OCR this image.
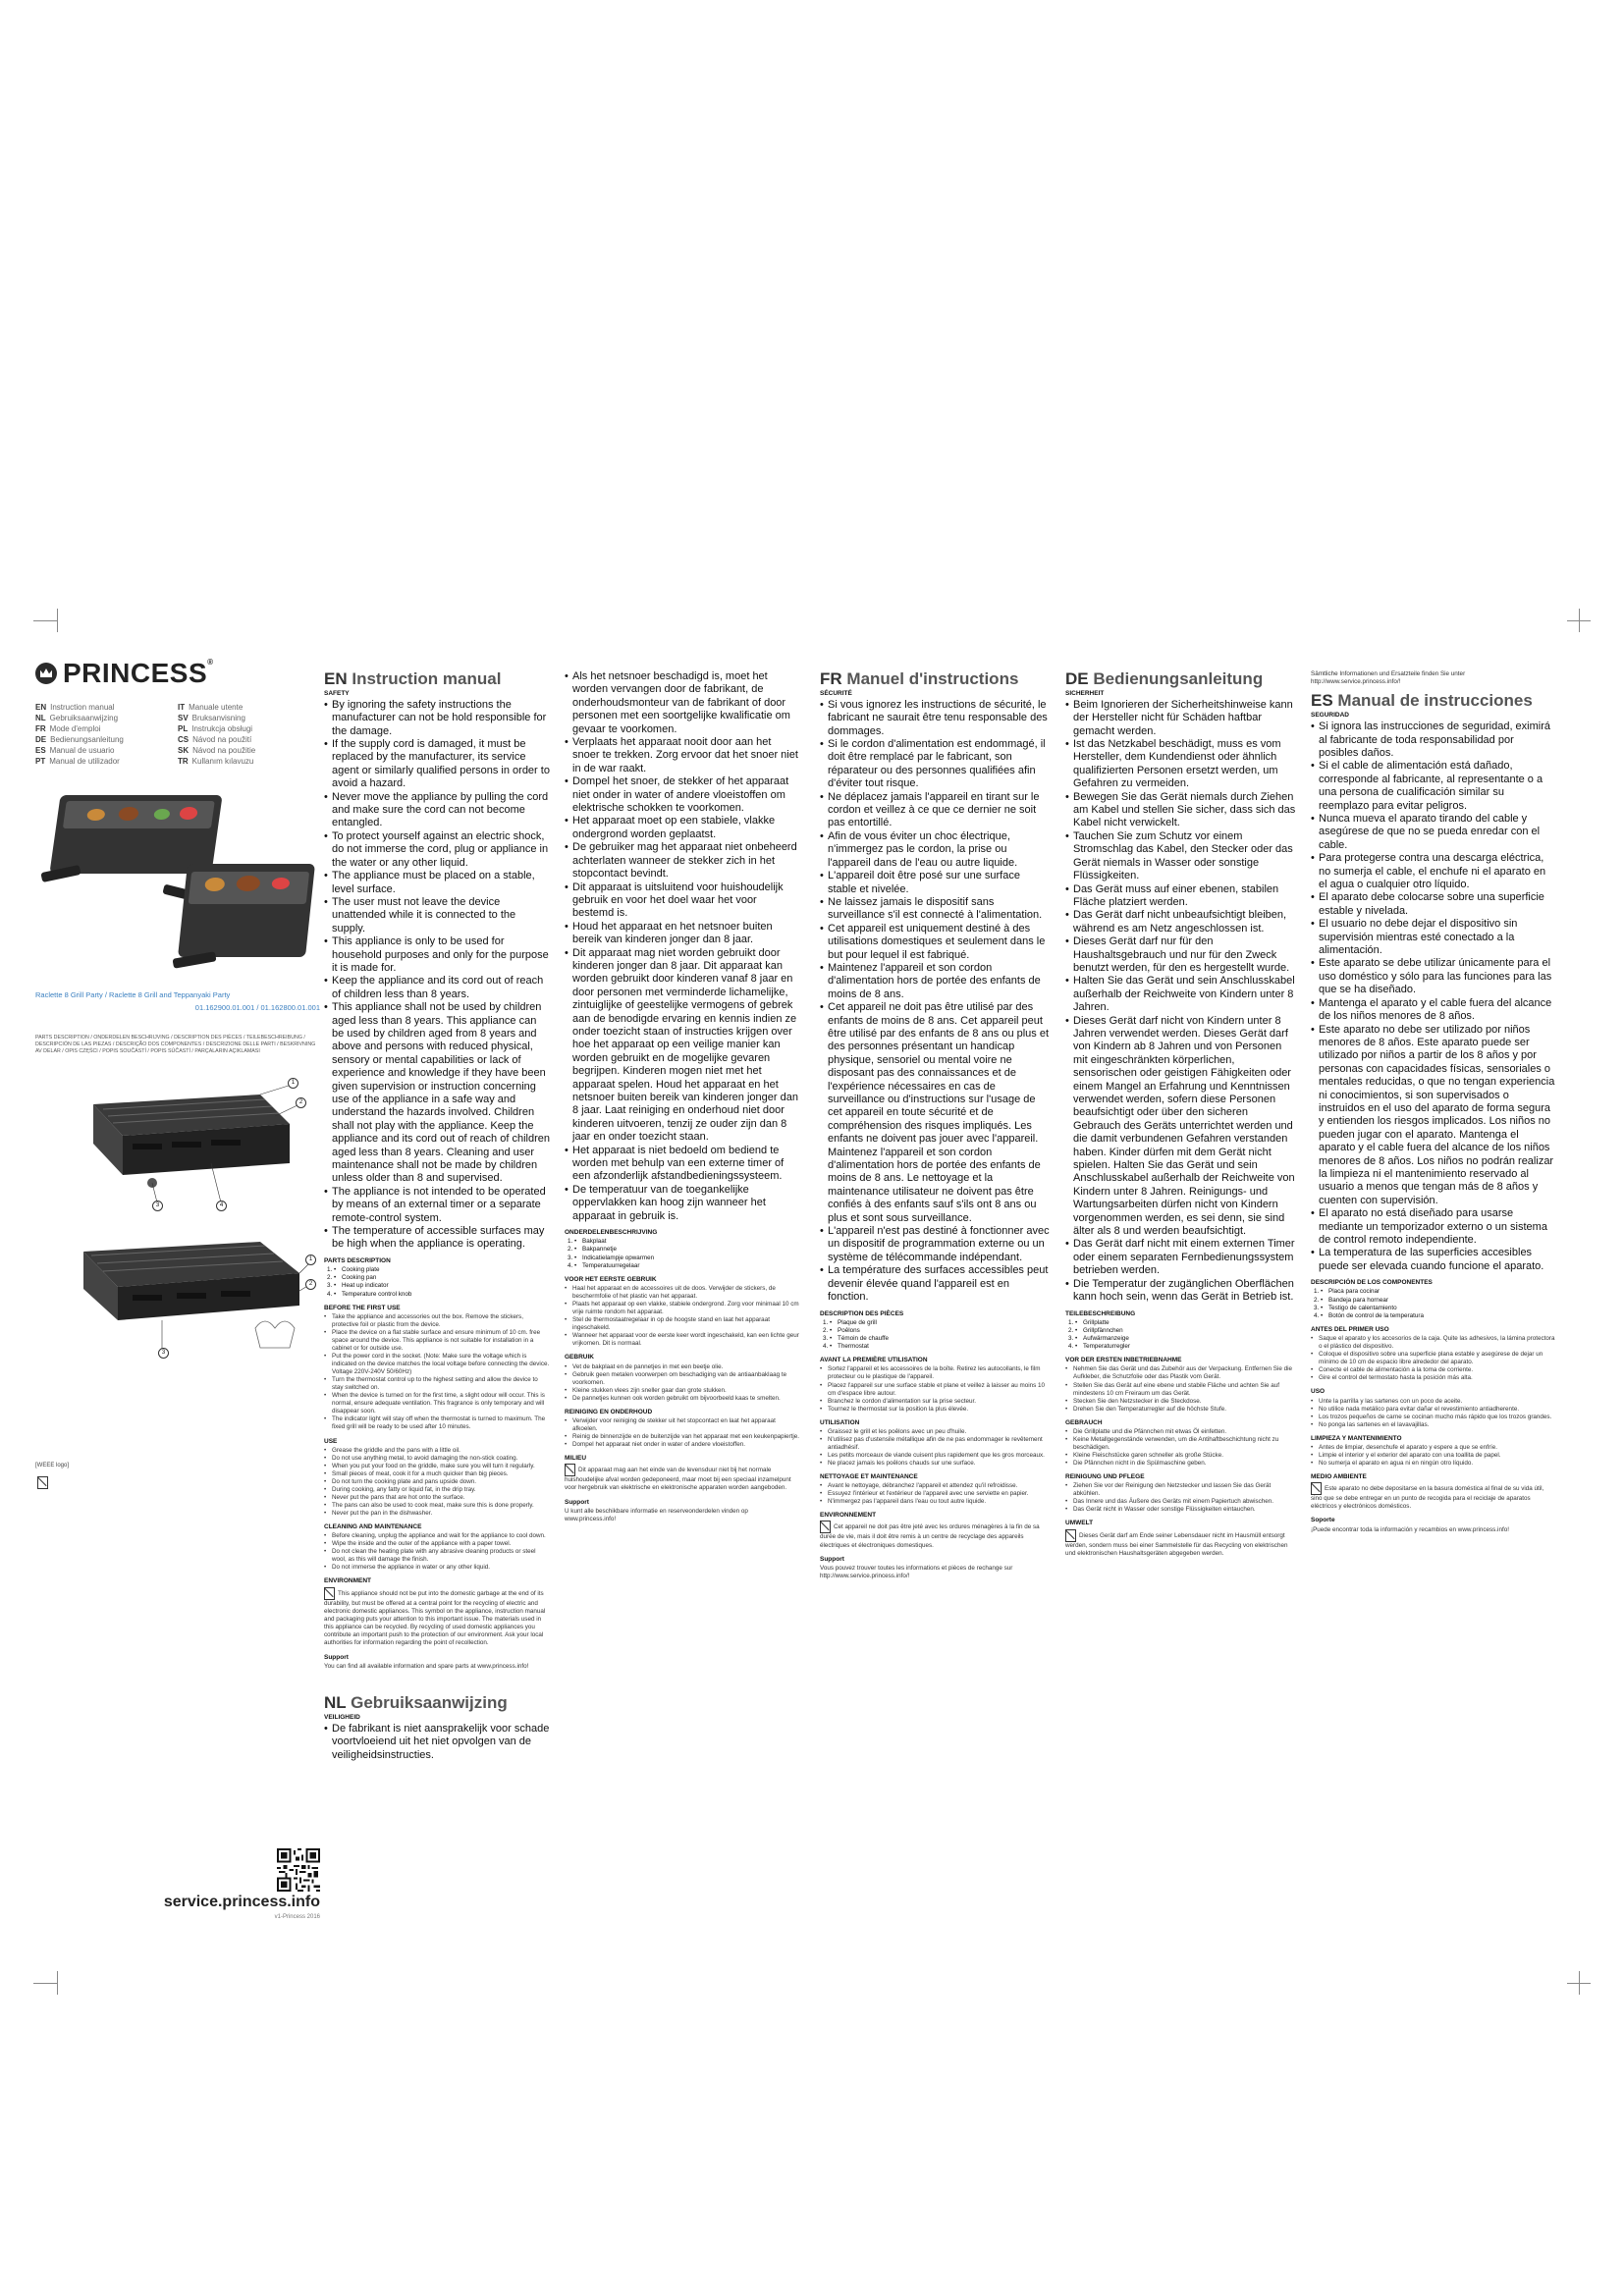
PRINCESS®
EN Instruction manual	IT Manuale utente
NL Gebruiksaanwijzing	SV Bruksanvisning
FR Mode d'emploi	PL Instrukcja obsługi
DE Bedienungsanleitung	CS Návod na použití
ES Manual de usuario	SK Návod na použitie
PT Manual de utilizador	TR Kullanım kılavuzu
Raclette 8 Grill Party / Raclette 8 Grill and Teppanyaki Party
01.162900.01.001 / 01.162800.01.001
PARTS DESCRIPTION / ONDERDELEN BESCHRIJVING / DESCRIPTION DES PIÈCES / TEILEBESCHREIBUNG / DESCRIPCIÓN DE LAS PIEZAS / DESCRIÇÃO DOS COMPONENTES / DESCRIZIONE DELLE PARTI / BESKRIVNING AV DELAR / OPIS CZĘŚCI / POPIS SOUČÁSTÍ / POPIS SÚČASTÍ / PARÇALARIN AÇIKLAMASI
1
2
3	4
1
2
3
[WEEE logo]
service.princess.info
v1-Princess 2016
EN Instruction manual
SAFETY
• By ignoring the safety instructions the manufacturer can not be hold responsible for the damage.
• If the supply cord is damaged, it must be replaced by the manufacturer, its service agent or similarly qualified persons in order to avoid a hazard.
• Never move the appliance by pulling the cord and make sure the cord can not become entangled.
• To protect yourself against an electric shock, do not immerse the cord, plug or appliance in the water or any other liquid.
• The appliance must be placed on a stable, level surface.
• The user must not leave the device unattended while it is connected to the supply.
• This appliance is only to be used for household purposes and only for the purpose it is made for.
• Keep the appliance and its cord out of reach of children less than 8 years.
• This appliance shall not be used by children aged less than 8 years. This appliance can be used by children aged from 8 years and above and persons with reduced physical, sensory or mental capabilities or lack of experience and knowledge if they have been given supervision or instruction concerning use of the appliance in a safe way and understand the hazards involved. Children shall not play with the appliance. Keep the appliance and its cord out of reach of children aged less than 8 years. Cleaning and user maintenance shall not be made by children unless older than 8 and supervised.
• The appliance is not intended to be operated by means of an external timer or a separate remote-control system.
• The temperature of accessible surfaces may be high when the appliance is operating.
PARTS DESCRIPTION
• 1. Cooking plate
• 2. Cooking pan
• 3. Heat up indicator
• 4. Temperature control knob
BEFORE THE FIRST USE
• Take the appliance and accessories out the box. Remove the stickers, protective foil or plastic from the device.
• Place the device on a flat stable surface and ensure minimum of 10 cm. free space around the device. This appliance is not suitable for installation in a cabinet or for outside use.
• Put the power cord in the socket. (Note: Make sure the voltage which is indicated on the device matches the local voltage before connecting the device. Voltage 220V-240V 50/60Hz)
• Turn the thermostat control up to the highest setting and allow the device to stay switched on.
• When the device is turned on for the first time, a slight odour will occur. This is normal, ensure adequate ventilation. This fragrance is only temporary and will disappear soon.
• The indicator light will stay off when the thermostat is turned to maximum. The fixed grill will be ready to be used after 10 minutes.
USE
• Grease the griddle and the pans with a little oil.
• Do not use anything metal, to avoid damaging the non-stick coating.
• When you put your food on the griddle, make sure you will turn it regularly.
• Small pieces of meat, cook it for a much quicker than big pieces.
• Do not turn the cooking plate and pans upside down.
• During cooking, any fatty or liquid fat, in the drip tray.
• Never put the pans that are hot onto the surface.
• The pans can also be used to cook meat, make sure this is done properly.
• Never put the pan in the dishwasher.
CLEANING AND MAINTENANCE
• Before cleaning, unplug the appliance and wait for the appliance to cool down.
• Wipe the inside and the outer of the appliance with a paper towel.
• Do not clean the heating plate with any abrasive cleaning products or steel wool, as this will damage the finish.
• Do not immerse the appliance in water or any other liquid.
ENVIRONMENT

This appliance should not be put into the domestic garbage at the end of its durability, but must be offered at a central point for the recycling of electric and electronic domestic appliances. This symbol on the appliance, instruction manual and packaging puts your attention to this important issue. The materials used in this appliance can be recycled. By recycling of used domestic appliances you contribute an important push to the protection of our environment. Ask your local authorities for information regarding the point of recollection.

Support

You can find all available information and spare parts at www.princess.info!

NL Gebruiksaanwijzing
VEILIGHEID
• De fabrikant is niet aansprakelijk voor schade voortvloeiend uit het niet opvolgen van de veiligheidsinstructies.
• Als het netsnoer beschadigd is, moet het worden vervangen door de fabrikant, de onderhoudsmonteur van de fabrikant of door personen met een soortgelijke kwalificatie om gevaar te voorkomen.
• Verplaats het apparaat nooit door aan het snoer te trekken. Zorg ervoor dat het snoer niet in de war raakt.
• Dompel het snoer, de stekker of het apparaat niet onder in water of andere vloeistoffen om elektrische schokken te voorkomen.
• Het apparaat moet op een stabiele, vlakke ondergrond worden geplaatst.
• De gebruiker mag het apparaat niet onbeheerd achterlaten wanneer de stekker zich in het stopcontact bevindt.
• Dit apparaat is uitsluitend voor huishoudelijk gebruik en voor het doel waar het voor bestemd is.
• Houd het apparaat en het netsnoer buiten bereik van kinderen jonger dan 8 jaar.
• Dit apparaat mag niet worden gebruikt door kinderen jonger dan 8 jaar. Dit apparaat kan worden gebruikt door kinderen vanaf 8 jaar en door personen met verminderde lichamelijke, zintuiglijke of geestelijke vermogens of gebrek aan de benodigde ervaring en kennis indien ze onder toezicht staan of instructies krijgen over hoe het apparaat op een veilige manier kan worden gebruikt en de mogelijke gevaren begrijpen. Kinderen mogen niet met het apparaat spelen. Houd het apparaat en het netsnoer buiten bereik van kinderen jonger dan 8 jaar. Laat reiniging en onderhoud niet door kinderen uitvoeren, tenzij ze ouder zijn dan 8 jaar en onder toezicht staan.
• Het apparaat is niet bedoeld om bediend te worden met behulp van een externe timer of een afzonderlijk afstandbedieningssysteem.
• De temperatuur van de toegankelijke oppervlakken kan hoog zijn wanneer het apparaat in gebruik is.
ONDERDELENBESCHRIJVING
• 1. Bakplaat
• 2. Bakpannetje
• 3. Indicatielampje opwarmen
• 4. Temperatuurregelaar
VOOR HET EERSTE GEBRUIK
• Haal het apparaat en de accessoires uit de doos. Verwijder de stickers, de beschermfolie of het plastic van het apparaat.
• Plaats het apparaat op een vlakke, stabiele ondergrond. Zorg voor minimaal 10 cm vrije ruimte rondom het apparaat.
• Stel de thermostaatregelaar in op de hoogste stand en laat het apparaat ingeschakeld.
• Wanneer het apparaat voor de eerste keer wordt ingeschakeld, kan een lichte geur vrijkomen. Dit is normaal.
GEBRUIK
• Vet de bakplaat en de pannetjes in met een beetje olie.
• Gebruik geen metalen voorwerpen om beschadiging van de antiaanbaklaag te voorkomen.
• Kleine stukken vlees zijn sneller gaar dan grote stukken.
• De pannetjes kunnen ook worden gebruikt om bijvoorbeeld kaas te smelten.
REINIGING EN ONDERHOUD
• Verwijder voor reiniging de stekker uit het stopcontact en laat het apparaat afkoelen.
• Reinig de binnenzijde en de buitenzijde van het apparaat met een keukenpapiertje.
• Dompel het apparaat niet onder in water of andere vloeistoffen.
MILIEU

Dit apparaat mag aan het einde van de levensduur niet bij het normale huishoudelijke afval worden gedeponeerd, maar moet bij een speciaal inzamelpunt voor hergebruik van elektrische en elektronische apparaten worden aangeboden.

Support

U kunt alle beschikbare informatie en reserveonderdelen vinden op www.princess.info!

FR Manuel d'instructions
SÉCURITÉ
• Si vous ignorez les instructions de sécurité, le fabricant ne saurait être tenu responsable des dommages.
• Si le cordon d'alimentation est endommagé, il doit être remplacé par le fabricant, son réparateur ou des personnes qualifiées afin d'éviter tout risque.
• Ne déplacez jamais l'appareil en tirant sur le cordon et veillez à ce que ce dernier ne soit pas entortillé.
• Afin de vous éviter un choc électrique, n'immergez pas le cordon, la prise ou l'appareil dans de l'eau ou autre liquide.
• L'appareil doit être posé sur une surface stable et nivelée.
• Ne laissez jamais le dispositif sans surveillance s'il est connecté à l'alimentation.
• Cet appareil est uniquement destiné à des utilisations domestiques et seulement dans le but pour lequel il est fabriqué.
• Maintenez l'appareil et son cordon d'alimentation hors de portée des enfants de moins de 8 ans.
• Cet appareil ne doit pas être utilisé par des enfants de moins de 8 ans. Cet appareil peut être utilisé par des enfants de 8 ans ou plus et des personnes présentant un handicap physique, sensoriel ou mental voire ne disposant pas des connaissances et de l'expérience nécessaires en cas de surveillance ou d'instructions sur l'usage de cet appareil en toute sécurité et de compréhension des risques impliqués. Les enfants ne doivent pas jouer avec l'appareil. Maintenez l'appareil et son cordon d'alimentation hors de portée des enfants de moins de 8 ans. Le nettoyage et la maintenance utilisateur ne doivent pas être confiés à des enfants sauf s'ils ont 8 ans ou plus et sont sous surveillance.
• L'appareil n'est pas destiné à fonctionner avec un dispositif de programmation externe ou un système de télécommande indépendant.
• La température des surfaces accessibles peut devenir élevée quand l'appareil est en fonction.
DESCRIPTION DES PIÈCES
• 1. Plaque de grill
• 2. Poêlons
• 3. Témoin de chauffe
• 4. Thermostat
AVANT LA PREMIÈRE UTILISATION
• Sortez l'appareil et les accessoires de la boîte. Retirez les autocollants, le film protecteur ou le plastique de l'appareil.
• Placez l'appareil sur une surface stable et plane et veillez à laisser au moins 10 cm d'espace libre autour.
• Branchez le cordon d'alimentation sur la prise secteur.
• Tournez le thermostat sur la position la plus élevée.
UTILISATION
• Graissez le grill et les poêlons avec un peu d'huile.
• N'utilisez pas d'ustensile métallique afin de ne pas endommager le revêtement antiadhésif.
• Les petits morceaux de viande cuisent plus rapidement que les gros morceaux.
• Ne placez jamais les poêlons chauds sur une surface.
NETTOYAGE ET MAINTENANCE
• Avant le nettoyage, débranchez l'appareil et attendez qu'il refroidisse.
• Essuyez l'intérieur et l'extérieur de l'appareil avec une serviette en papier.
• N'immergez pas l'appareil dans l'eau ou tout autre liquide.
ENVIRONNEMENT

Cet appareil ne doit pas être jeté avec les ordures ménagères à la fin de sa durée de vie, mais il doit être remis à un centre de recyclage des appareils électriques et électroniques domestiques.

Support

Vous pouvez trouver toutes les informations et pièces de rechange sur http://www.service.princess.info/!

DE Bedienungsanleitung
SICHERHEIT
• Beim Ignorieren der Sicherheitshinweise kann der Hersteller nicht für Schäden haftbar gemacht werden.
• Ist das Netzkabel beschädigt, muss es vom Hersteller, dem Kundendienst oder ähnlich qualifizierten Personen ersetzt werden, um Gefahren zu vermeiden.
• Bewegen Sie das Gerät niemals durch Ziehen am Kabel und stellen Sie sicher, dass sich das Kabel nicht verwickelt.
• Tauchen Sie zum Schutz vor einem Stromschlag das Kabel, den Stecker oder das Gerät niemals in Wasser oder sonstige Flüssigkeiten.
• Das Gerät muss auf einer ebenen, stabilen Fläche platziert werden.
• Das Gerät darf nicht unbeaufsichtigt bleiben, während es am Netz angeschlossen ist.
• Dieses Gerät darf nur für den Haushaltsgebrauch und nur für den Zweck benutzt werden, für den es hergestellt wurde.
• Halten Sie das Gerät und sein Anschlusskabel außerhalb der Reichweite von Kindern unter 8 Jahren.
• Dieses Gerät darf nicht von Kindern unter 8 Jahren verwendet werden. Dieses Gerät darf von Kindern ab 8 Jahren und von Personen mit eingeschränkten körperlichen, sensorischen oder geistigen Fähigkeiten oder einem Mangel an Erfahrung und Kenntnissen verwendet werden, sofern diese Personen beaufsichtigt oder über den sicheren Gebrauch des Geräts unterrichtet werden und die damit verbundenen Gefahren verstanden haben. Kinder dürfen mit dem Gerät nicht spielen. Halten Sie das Gerät und sein Anschlusskabel außerhalb der Reichweite von Kindern unter 8 Jahren. Reinigungs- und Wartungsarbeiten dürfen nicht von Kindern vorgenommen werden, es sei denn, sie sind älter als 8 und werden beaufsichtigt.
• Das Gerät darf nicht mit einem externen Timer oder einem separaten Fernbedienungssystem betrieben werden.
• Die Temperatur der zugänglichen Oberflächen kann hoch sein, wenn das Gerät in Betrieb ist.
TEILEBESCHREIBUNG
• 1. Grillplatte
• 2. Grillpfännchen
• 3. Aufwärmanzeige
• 4. Temperaturregler
VOR DER ERSTEN INBETRIEBNAHME
• Nehmen Sie das Gerät und das Zubehör aus der Verpackung. Entfernen Sie die Aufkleber, die Schutzfolie oder das Plastik vom Gerät.
• Stellen Sie das Gerät auf eine ebene und stabile Fläche und achten Sie auf mindestens 10 cm Freiraum um das Gerät.
• Stecken Sie den Netzstecker in die Steckdose.
• Drehen Sie den Temperaturregler auf die höchste Stufe.
GEBRAUCH
• Die Grillplatte und die Pfännchen mit etwas Öl einfetten.
• Keine Metallgegenstände verwenden, um die Antihaftbeschichtung nicht zu beschädigen.
• Kleine Fleischstücke garen schneller als große Stücke.
• Die Pfännchen nicht in die Spülmaschine geben.
REINIGUNG UND PFLEGE
• Ziehen Sie vor der Reinigung den Netzstecker und lassen Sie das Gerät abkühlen.
• Das Innere und das Äußere des Geräts mit einem Papiertuch abwischen.
• Das Gerät nicht in Wasser oder sonstige Flüssigkeiten eintauchen.
UMWELT

Dieses Gerät darf am Ende seiner Lebensdauer nicht im Hausmüll entsorgt werden, sondern muss bei einer Sammelstelle für das Recycling von elektrischen und elektronischen Haushaltsgeräten abgegeben werden.

Sämtliche Informationen und Ersatzteile finden Sie unter http://www.service.princess.info/!

ES Manual de instrucciones
SEGURIDAD
• Si ignora las instrucciones de seguridad, eximirá al fabricante de toda responsabilidad por posibles daños.
• Si el cable de alimentación está dañado, corresponde al fabricante, al representante o a una persona de cualificación similar su reemplazo para evitar peligros.
• Nunca mueva el aparato tirando del cable y asegúrese de que no se pueda enredar con el cable.
• Para protegerse contra una descarga eléctrica, no sumerja el cable, el enchufe ni el aparato en el agua o cualquier otro líquido.
• El aparato debe colocarse sobre una superficie estable y nivelada.
• El usuario no debe dejar el dispositivo sin supervisión mientras esté conectado a la alimentación.
• Este aparato se debe utilizar únicamente para el uso doméstico y sólo para las funciones para las que se ha diseñado.
• Mantenga el aparato y el cable fuera del alcance de los niños menores de 8 años.
• Este aparato no debe ser utilizado por niños menores de 8 años. Este aparato puede ser utilizado por niños a partir de los 8 años y por personas con capacidades físicas, sensoriales o mentales reducidas, o que no tengan experiencia ni conocimientos, si son supervisados o instruidos en el uso del aparato de forma segura y entienden los riesgos implicados. Los niños no pueden jugar con el aparato. Mantenga el aparato y el cable fuera del alcance de los niños menores de 8 años. Los niños no podrán realizar la limpieza ni el mantenimiento reservado al usuario a menos que tengan más de 8 años y cuenten con supervisión.
• El aparato no está diseñado para usarse mediante un temporizador externo o un sistema de control remoto independiente.
• La temperatura de las superficies accesibles puede ser elevada cuando funcione el aparato.
DESCRIPCIÓN DE LOS COMPONENTES
• 1. Placa para cocinar
• 2. Bandeja para hornear
• 3. Testigo de calentamiento
• 4. Botón de control de la temperatura
ANTES DEL PRIMER USO
• Saque el aparato y los accesorios de la caja. Quite las adhesivos, la lámina protectora o el plástico del dispositivo.
• Coloque el dispositivo sobre una superficie plana estable y asegúrese de dejar un mínimo de 10 cm de espacio libre alrededor del aparato.
• Conecte el cable de alimentación a la toma de corriente.
• Gire el control del termostato hasta la posición más alta.
USO
• Unte la parrilla y las sartenes con un poco de aceite.
• No utilice nada metálico para evitar dañar el revestimiento antiadherente.
• Los trozos pequeños de carne se cocinan mucho más rápido que los trozos grandes.
• No ponga las sartenes en el lavavajillas.
LIMPIEZA Y MANTENIMIENTO
• Antes de limpiar, desenchufe el aparato y espere a que se enfríe.
• Limpie el interior y el exterior del aparato con una toallita de papel.
• No sumerja el aparato en agua ni en ningún otro líquido.
MEDIO AMBIENTE

Este aparato no debe depositarse en la basura doméstica al final de su vida útil, sino que se debe entregar en un punto de recogida para el reciclaje de aparatos eléctricos y electrónicos domésticos.

Soporte

¡Puede encontrar toda la información y recambios en www.princess.info!
